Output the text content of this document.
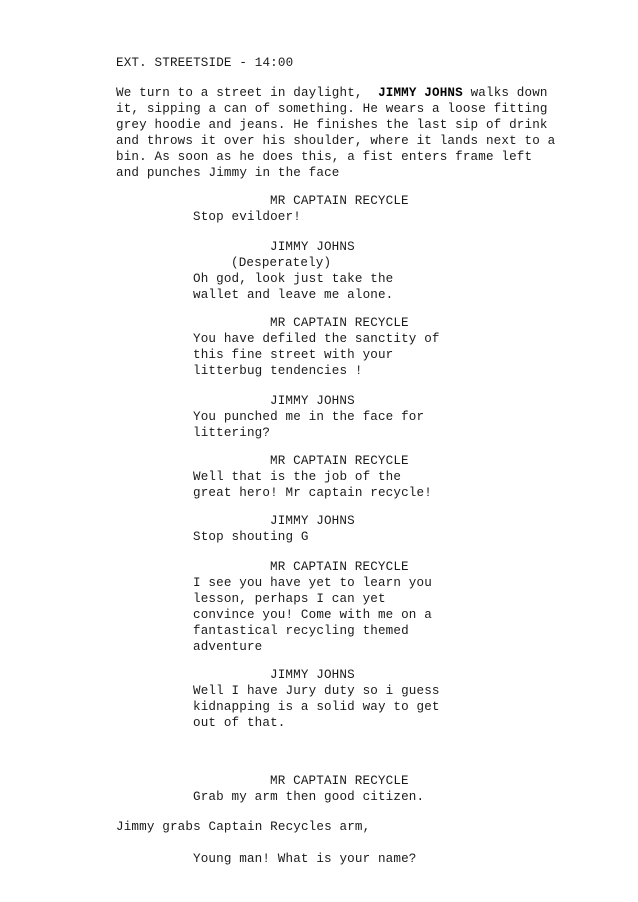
EXT. STREETSIDE - 14:00
We turn to a street in daylight,  JIMMY JOHNS walks down
it, sipping a can of something. He wears a loose fitting
grey hoodie and jeans. He finishes the last sip of drink
and throws it over his shoulder, where it lands next to a
bin. As soon as he does this, a fist enters frame left
and punches Jimmy in the face
MR CAPTAIN RECYCLE
Stop evildoer!
JIMMY JOHNS
(Desperately)
Oh god, look just take the
wallet and leave me alone.
MR CAPTAIN RECYCLE
You have defiled the sanctity of
this fine street with your
litterbug tendencies !
JIMMY JOHNS
You punched me in the face for
littering?
MR CAPTAIN RECYCLE
Well that is the job of the
great hero! Mr captain recycle!
JIMMY JOHNS
Stop shouting G
MR CAPTAIN RECYCLE
I see you have yet to learn you
lesson, perhaps I can yet
convince you! Come with me on a
fantastical recycling themed
adventure
JIMMY JOHNS
Well I have Jury duty so i guess
kidnapping is a solid way to get
out of that.
MR CAPTAIN RECYCLE
Grab my arm then good citizen.
Jimmy grabs Captain Recycles arm,
Young man! What is your name?
